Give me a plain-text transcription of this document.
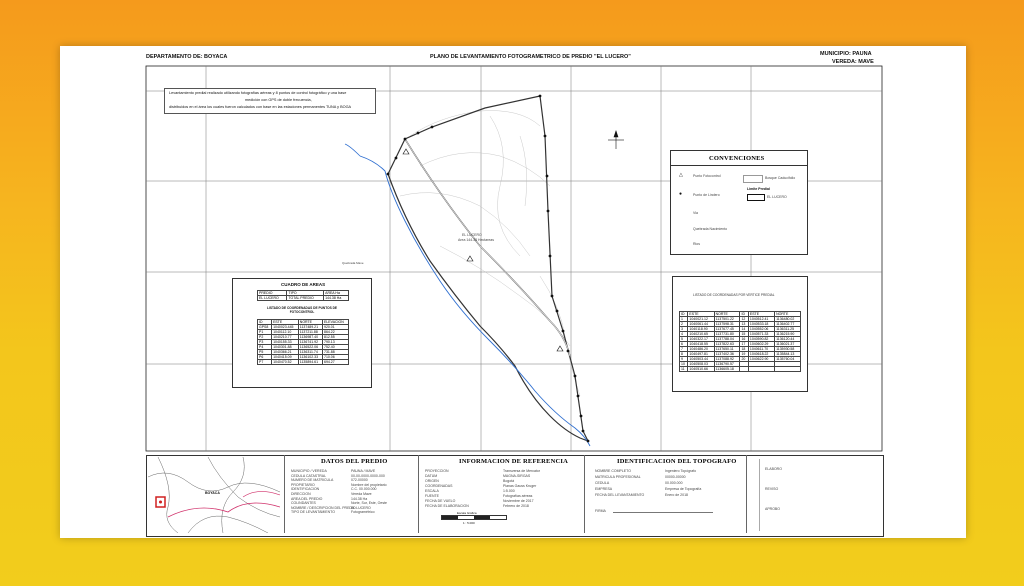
DEPARTAMENTO DE: BOYACA	PLANO DE LEVANTAMIENTO FOTOGRAMETRICO DE PREDIO "EL LUCERO"	MUNICIPIO: PAUNA
VEREDA: MAVE
Levantamiento predial realizado utilizando fotografías aéreas y 8 puntos de control fotográfico y una base
medición con GPS de doble frecuencia,
distribuidos en el área los cuales fueron calculados con base en las estaciones permanentes TUNA y BOGA
EL LUCERO
Area 144.38 Hectareas
Quebrada Mave
CONVENCIONES
Punto Fotocontrol
Punto de Lindero
Via
Quebrada Nacimiento
Rios
△
●
Bosque Caducifolio
Limite Predial
EL LUCERO
CUADRO DE AREAS
PREDIO	TIPO	AREA Ha
EL LUCERO	TOTAL PREDIO	144.38 Ha
LISTADO DE COORDENADAS DE PUNTOS DE FOTOCONTROL
ID	ESTE	NORTE	ELEVACION
GPS8	1040023.445	1137489.21	920.01
P1	1040112.10	1137211.88	864.22
P2	1040210.77	1136987.40	812.55
P3	1040155.33	1136741.92	790.13
P4	1040301.88	1136522.06	752.40
P5	1040366.21	1136311.74	731.88
P6	1040415.09	1136102.33	710.06
P7	1040470.52	1135894.61	694.27
LISTADO DE COORDENADAS POR VERTICE PREDIAL
ID	ESTE	NORTE	ID	ESTE	NORTE
1	1040021.12	1137501.22	12	1040512.41	1136480.02
2	1040061.44	1137598.31	13	1040533.18	1136402.77
3	1040118.90	1137677.45	14	1040552.06	1136311.25
4	1040210.65	1137731.80	15	1040571.33	1136215.90
5	1040322.17	1137788.04	16	1040590.82	1136120.44
6	1040418.55	1137822.63	17	1040602.29	1136021.37
7	1040486.20	1137650.11	18	1040611.70	1135930.58
8	1040497.81	1137402.36	19	1040618.22	1135844.13
9	1040503.44	1137088.92	20	1040622.90	1135760.04
10	1040508.03	1136790.57			
11	1040510.66	1136605.18			
BOYACA
DATOS DEL PREDIO
MUNICIPIO / VEREDA	PAUNA / MAVE
CEDULA CATASTRAL	00-00-0000-0000-000
NUMERO DE MATRICULA	072-00000
PROPIETARIO	Nombre del propietario
IDENTIFICACION	C.C. 00.000.000
DIRECCION	Vereda Mave
AREA DEL PREDIO	144.38 Ha
COLINDANTES	Norte, Sur, Este, Oeste
NOMBRE / DESCRIPCION DEL PREDIO
EL LUCERO
TIPO DE LEVANTAMIENTO	Fotogramétrico
INFORMACION DE REFERENCIA
PROYECCION	Transversa de Mercator
DATUM	MAGNA-SIRGAS
ORIGEN	Bogotá
COORDENADAS	Planas Gauss Kruger
ESCALA	1:5.000
FUENTE	Fotografías aéreas
FECHA DE VUELO	Noviembre de 2017
FECHA DE ELABORACION	Febrero de 2018
Escala Gráfica
1 : 5.000
IDENTIFICACION DEL TOPOGRAFO
NOMBRE COMPLETO	Ingeniero Topógrafo
MATRICULA PROFESIONAL	00000-00000
CEDULA	00.000.000
EMPRESA	Empresa de Topografía
FECHA DEL LEVANTAMIENTO	Enero de 2018
FIRMA
ELABORO
REVISO
APROBO
